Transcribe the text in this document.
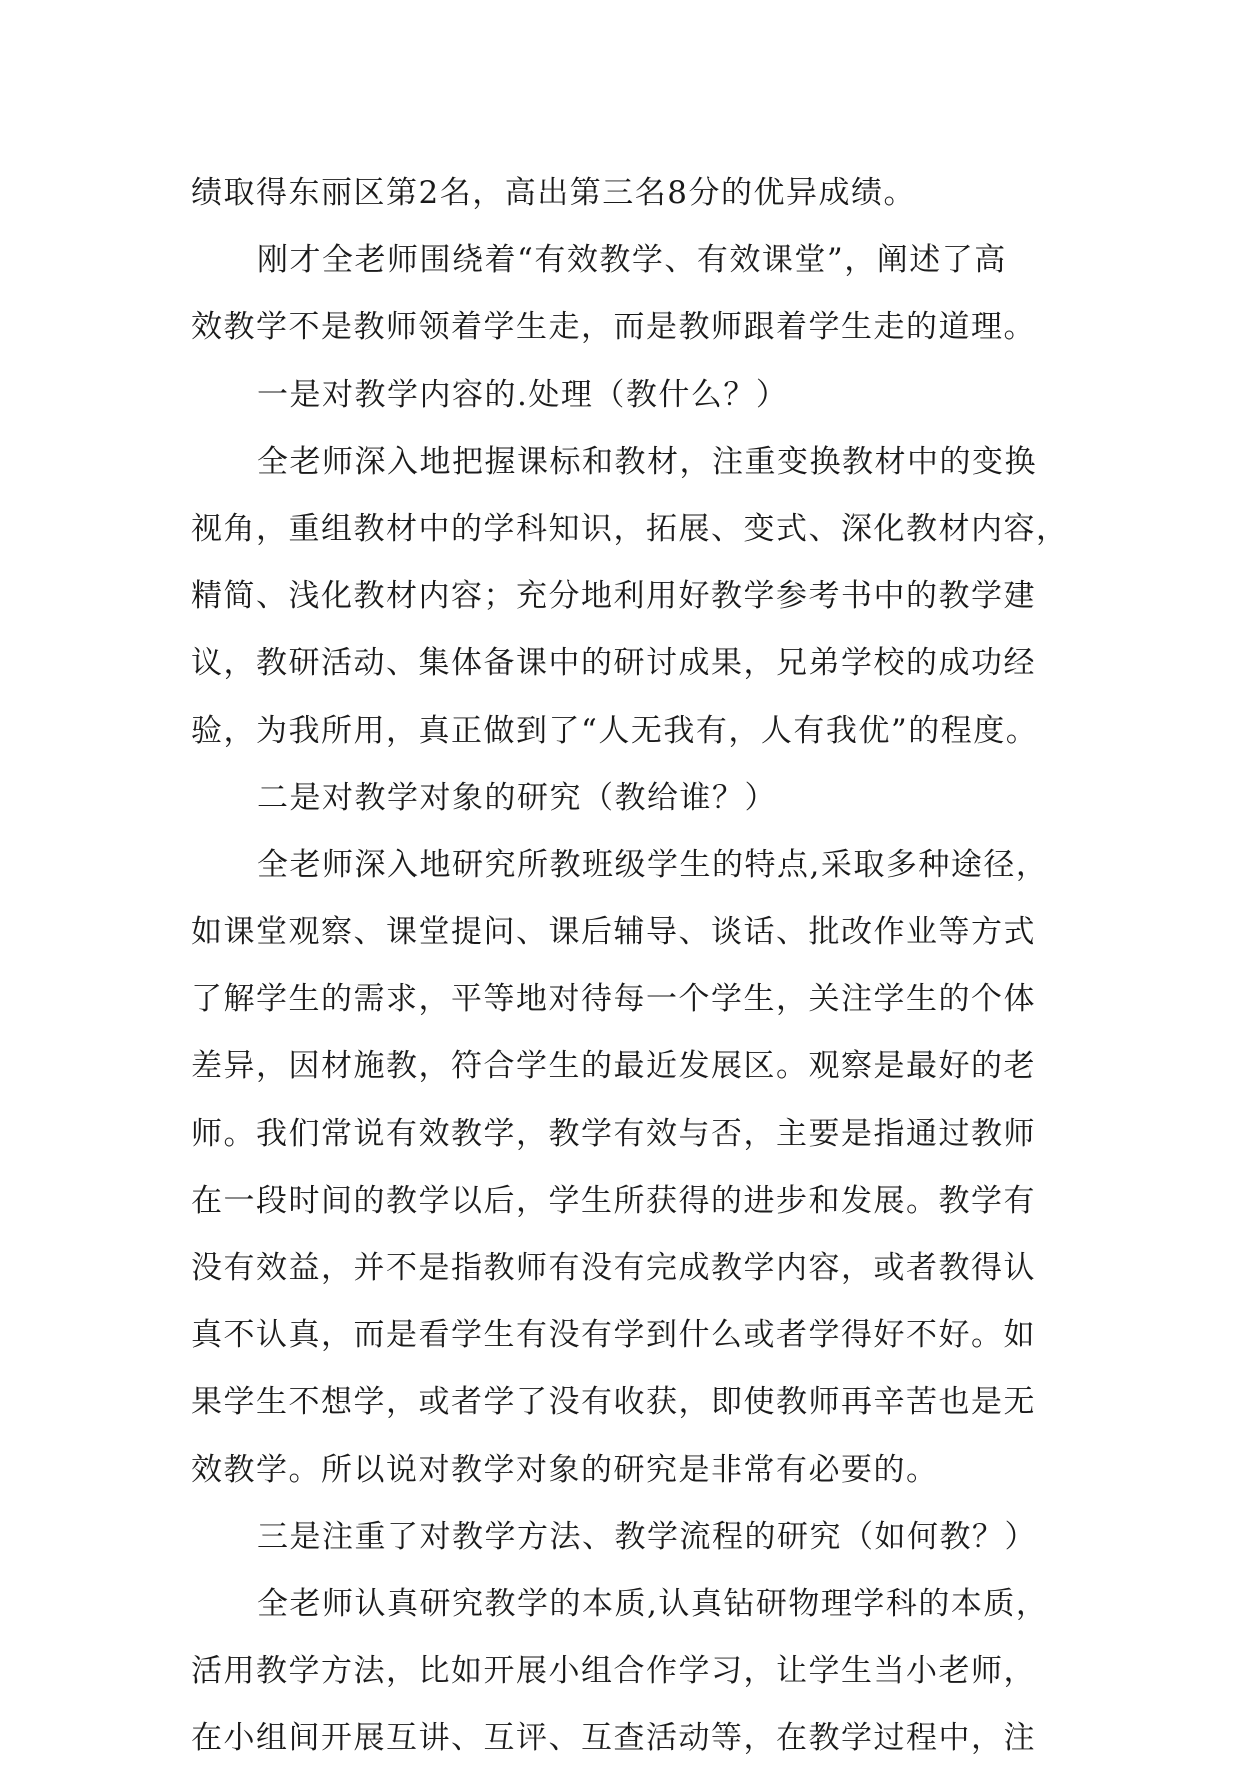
绩取得东丽区第2名，高出第三名8分的优异成绩。
刚才全老师围绕着“有效教学、有效课堂”，阐述了高
效教学不是教师领着学生走，而是教师跟着学生走的道理。
一是对教学内容的.处理（教什么？）
全老师深入地把握课标和教材，注重变换教材中的变换
视角，重组教材中的学科知识，拓展、变式、深化教材内容，
精简、浅化教材内容；充分地利用好教学参考书中的教学建
议，教研活动、集体备课中的研讨成果，兄弟学校的成功经
验，为我所用，真正做到了“人无我有，人有我优”的程度。
二是对教学对象的研究（教给谁？）
全老师深入地研究所教班级学生的特点,采取多种途径，
如课堂观察、课堂提问、课后辅导、谈话、批改作业等方式
了解学生的需求，平等地对待每一个学生，关注学生的个体
差异，因材施教，符合学生的最近发展区。观察是最好的老
师。我们常说有效教学，教学有效与否，主要是指通过教师
在一段时间的教学以后，学生所获得的进步和发展。教学有
没有效益，并不是指教师有没有完成教学内容，或者教得认
真不认真，而是看学生有没有学到什么或者学得好不好。如
果学生不想学，或者学了没有收获，即使教师再辛苦也是无
效教学。所以说对教学对象的研究是非常有必要的。
三是注重了对教学方法、教学流程的研究（如何教？）
全老师认真研究教学的本质,认真钻研物理学科的本质，
活用教学方法，比如开展小组合作学习，让学生当小老师，
在小组间开展互讲、互评、互查活动等，在教学过程中，注
